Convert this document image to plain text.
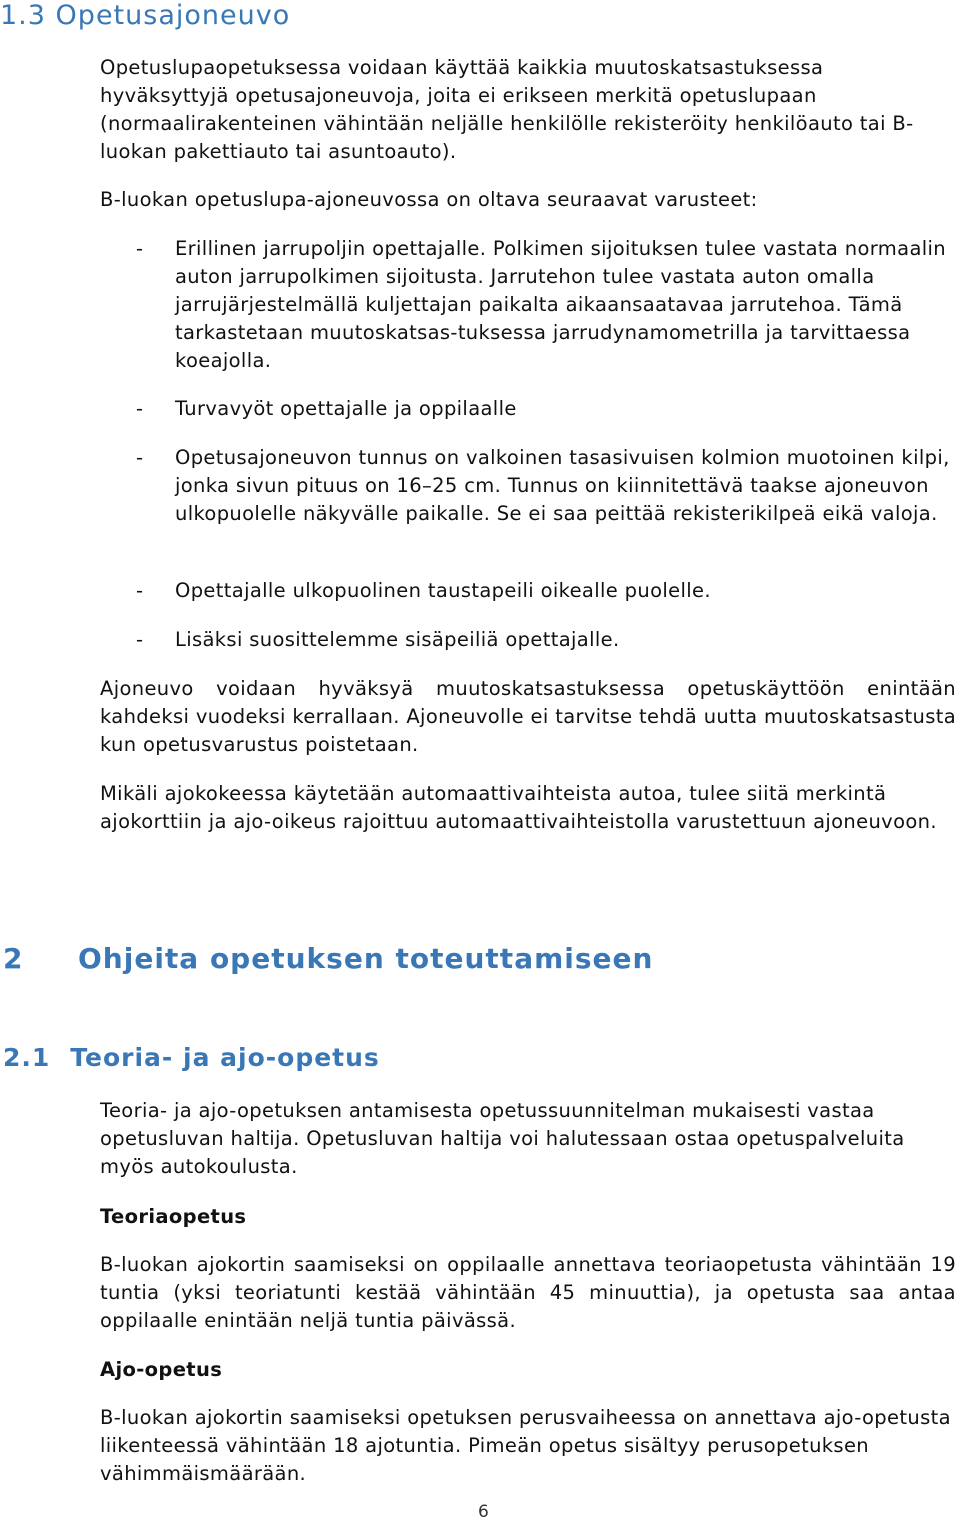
1.3 Opetusajoneuvo

Opetuslupaopetuksessa voidaan käyttää kaikkia muutoskatsastuksessa hyväksyttyjä opetusajoneuvoja, joita ei erikseen merkitä opetuslupaan (normaalirakenteinen vähintään neljälle henkilölle rekisteröity henkilöauto tai B-luokan pakettiauto tai asuntoauto).

B-luokan opetuslupa-ajoneuvossa on oltava seuraavat varusteet:

- Erillinen jarrupoljin opettajalle. Polkimen sijoituksen tulee vastata normaalin auton jarrupolkimen sijoitusta. Jarrutehon tulee vastata auton omalla jarrujärjestelmällä kuljettajan paikalta aikaansaatavaa jarrutehoa. Tämä tarkastetaan muutoskatsas-tuksessa jarrudynamometrilla ja tarvittaessa koeajolla.
- Turvavyöt opettajalle ja oppilaalle
- Opetusajoneuvon tunnus on valkoinen tasasivuisen kolmion muotoinen kilpi, jonka sivun pituus on 16–25 cm. Tunnus on kiinnitettävä taakse ajoneuvon ulkopuolelle näkyvälle paikalle. Se ei saa peittää rekisterikilpeä eikä valoja.
- Opettajalle ulkopuolinen taustapeili oikealle puolelle.
- Lisäksi suosittelemme sisäpeiliä opettajalle.

Ajoneuvo voidaan hyväksyä muutoskatsastuksessa opetuskäyttöön enintään kahdeksi vuodeksi kerrallaan. Ajoneuvolle ei tarvitse tehdä uutta muutoskatsastusta kun opetusvarustus poistetaan.

Mikäli ajokokeessa käytetään automaattivaihteista autoa, tulee siitä merkintä ajokorttiin ja ajo-oikeus rajoittuu automaattivaihteistolla varustettuun ajoneuvoon.

2 Ohjeita opetuksen toteuttamiseen
2.1 Teoria- ja ajo-opetus

Teoria- ja ajo-opetuksen antamisesta opetussuunnitelman mukaisesti vastaa opetusluvan haltija. Opetusluvan haltija voi halutessaan ostaa opetuspalveluita myös autokoulusta.

Teoriaopetus

B-luokan ajokortin saamiseksi on oppilaalle annettava teoriaopetusta vähintään 19 tuntia (yksi teoriatunti kestää vähintään 45 minuuttia), ja opetusta saa antaa oppilaalle enintään neljä tuntia päivässä.

Ajo-opetus

B-luokan ajokortin saamiseksi opetuksen perusvaiheessa on annettava ajo-opetusta liikenteessä vähintään 18 ajotuntia. Pimeän opetus sisältyy perusopetuksen vähimmäismäärään.

6
